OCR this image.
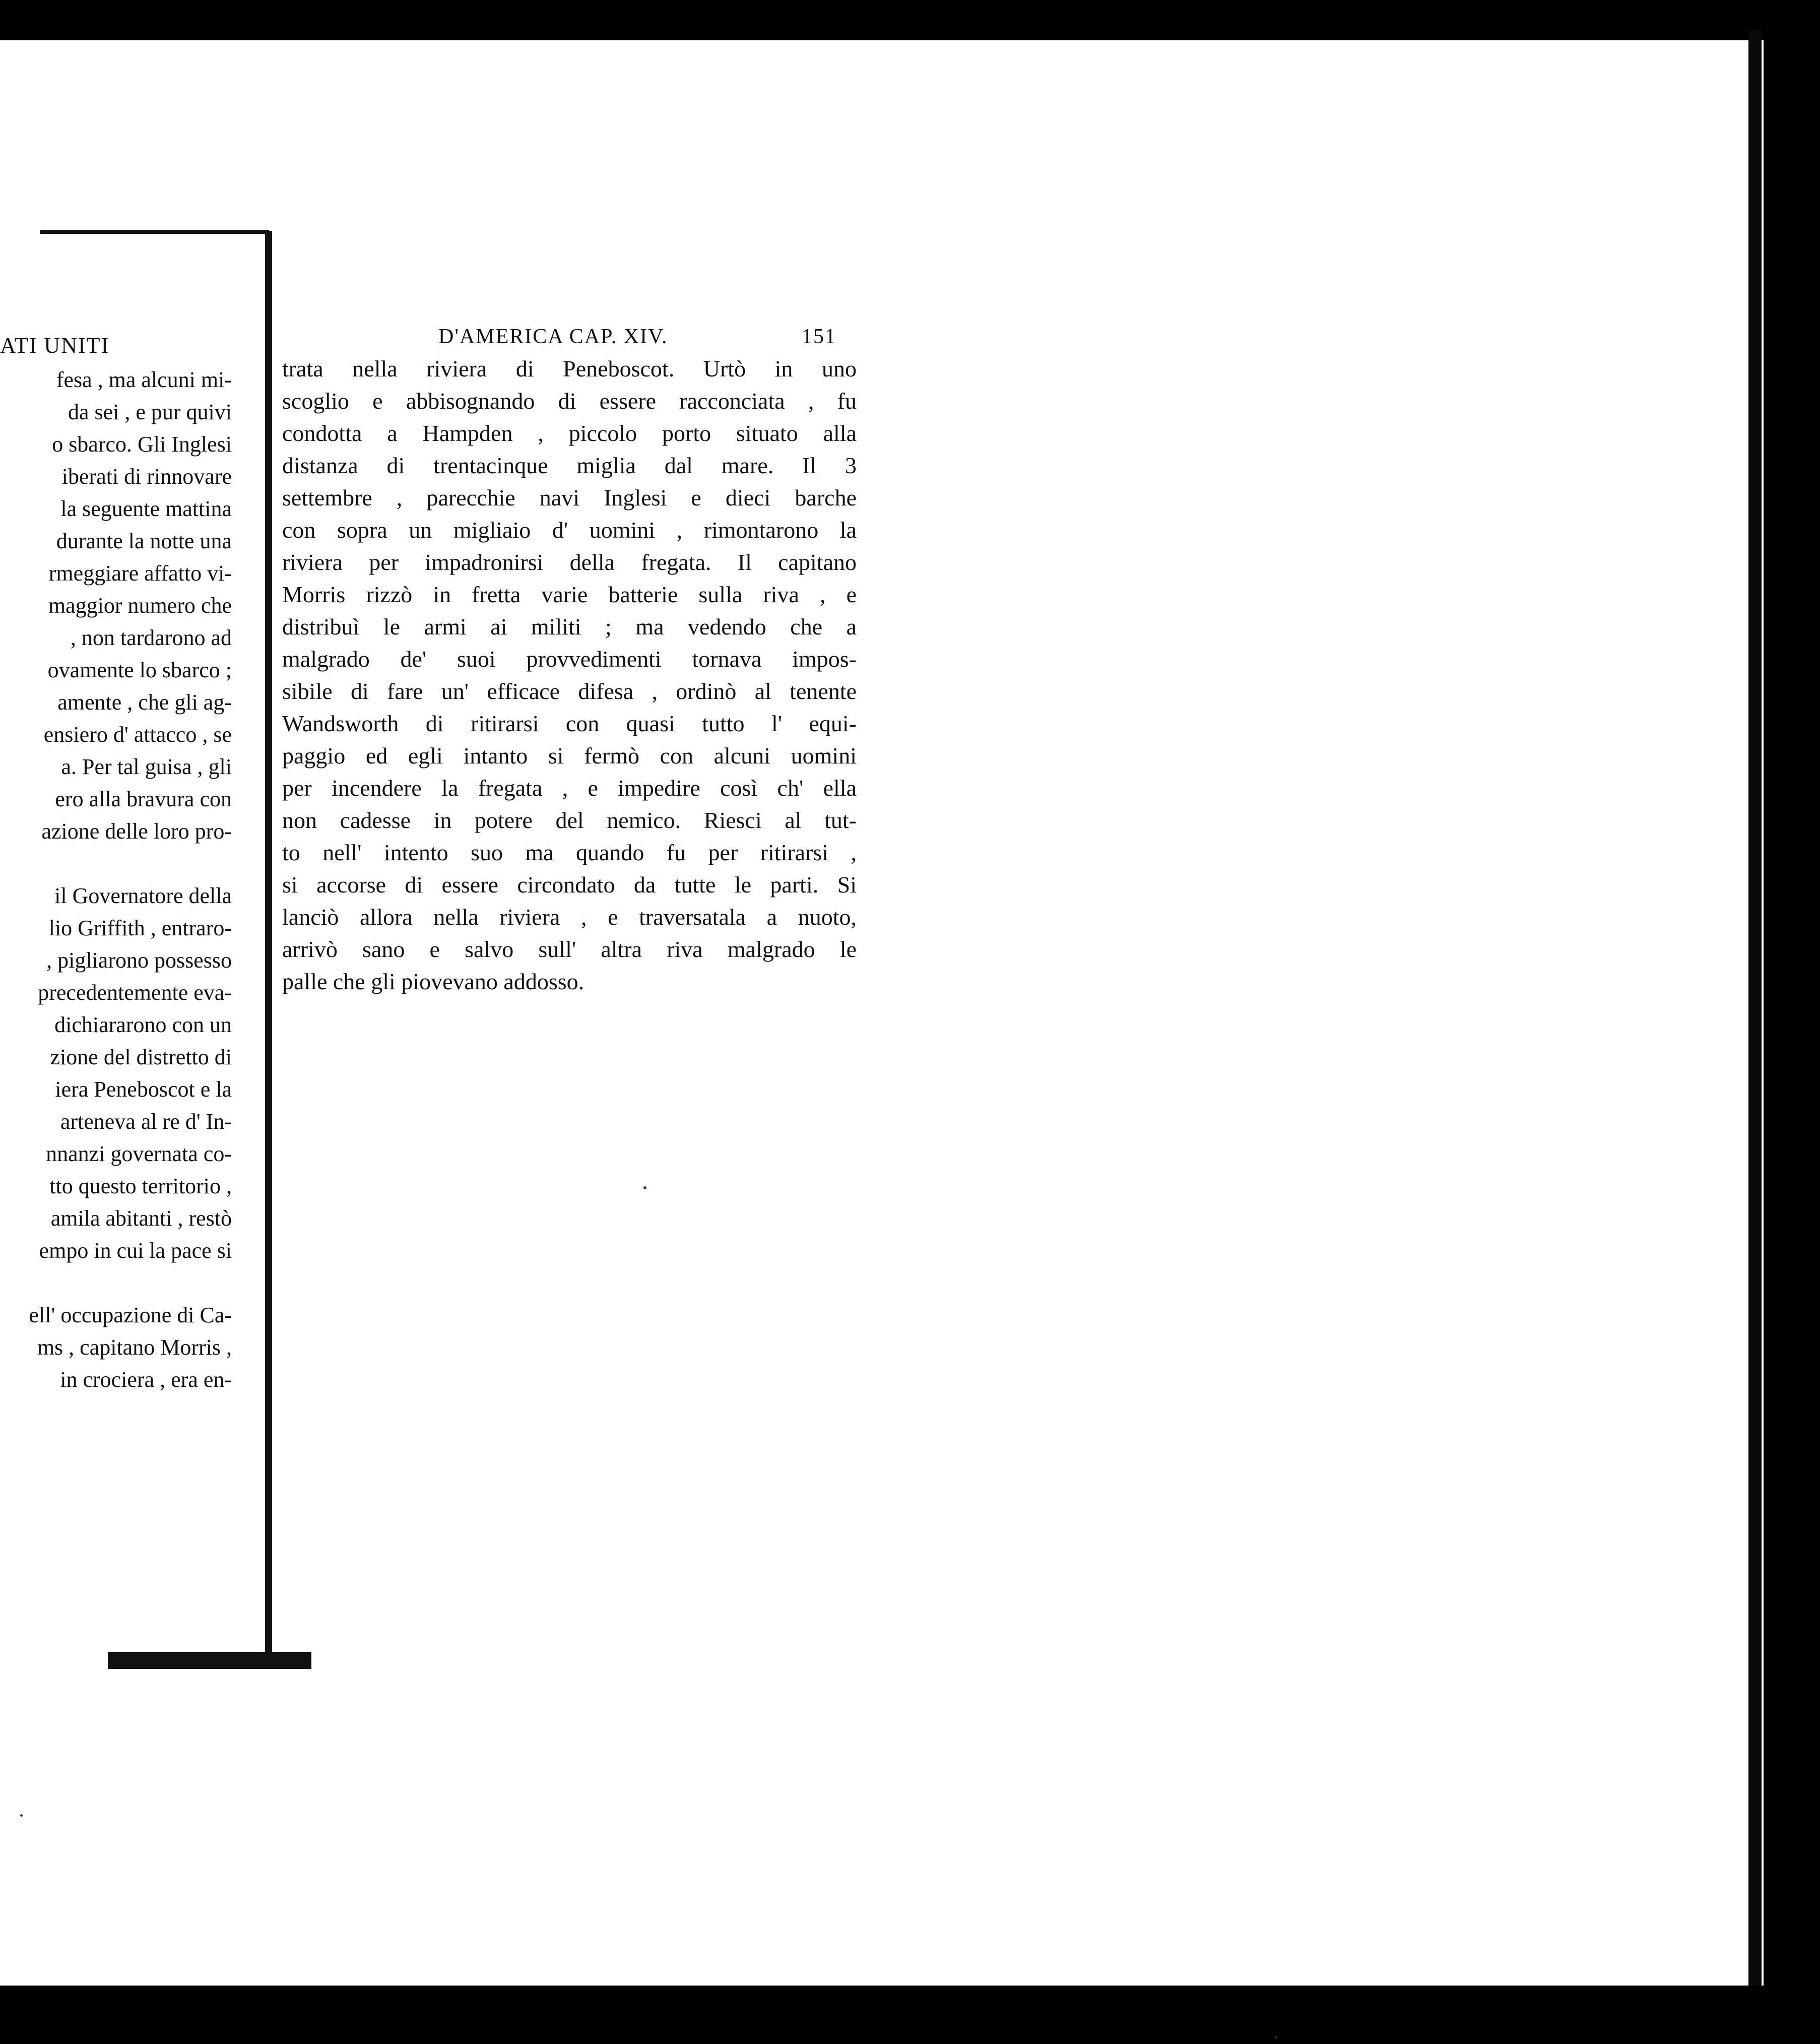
ATI UNITI
fesa , ma alcuni mi-
da sei , e pur quivi
o sbarco. Gli Inglesi
iberati di rinnovare
la seguente mattina
durante la notte una
rmeggiare affatto vi-
maggior numero che
, non tardarono ad
ovamente lo sbarco ;
amente , che gli ag-
ensiero d' attacco , se
a. Per tal guisa , gli
ero alla bravura con
azione delle loro pro-
il Governatore della
lio Griffith , entraro-
, pigliarono possesso
precedentemente eva-
dichiararono con un
zione del distretto di
iera Peneboscot e la
arteneva al re d' In-
nnanzi governata co-
tto questo territorio ,
amila abitanti , restò
empo in cui la pace si
ell' occupazione di Ca-
ms , capitano Morris ,
in crociera , era en-
D'AMERICA CAP. XIV.	151
trata nella riviera di Peneboscot. Urtò in uno
scoglio e abbisognando di essere racconciata , fu
condotta a Hampden , piccolo porto situato alla
distanza di trentacinque miglia dal mare. Il 3
settembre , parecchie navi Inglesi e dieci barche
con sopra un migliaio d' uomini , rimontarono la
riviera per impadronirsi della fregata. Il capitano
Morris rizzò in fretta varie batterie sulla riva , e
distribuì le armi ai militi ; ma vedendo che a
malgrado de' suoi provvedimenti tornava impos-
sibile di fare un' efficace difesa , ordinò al tenente
Wandsworth di ritirarsi con quasi tutto l' equi-
paggio ed egli intanto si fermò con alcuni uomini
per incendere la fregata , e impedire così ch' ella
non cadesse in potere del nemico. Riesci al tut-
to nell' intento suo ma quando fu per ritirarsi ,
si accorse di essere circondato da tutte le parti. Si
lanciò allora nella riviera , e traversatala a nuoto,
arrivò sano e salvo sull' altra riva malgrado le
palle che gli piovevano addosso.
